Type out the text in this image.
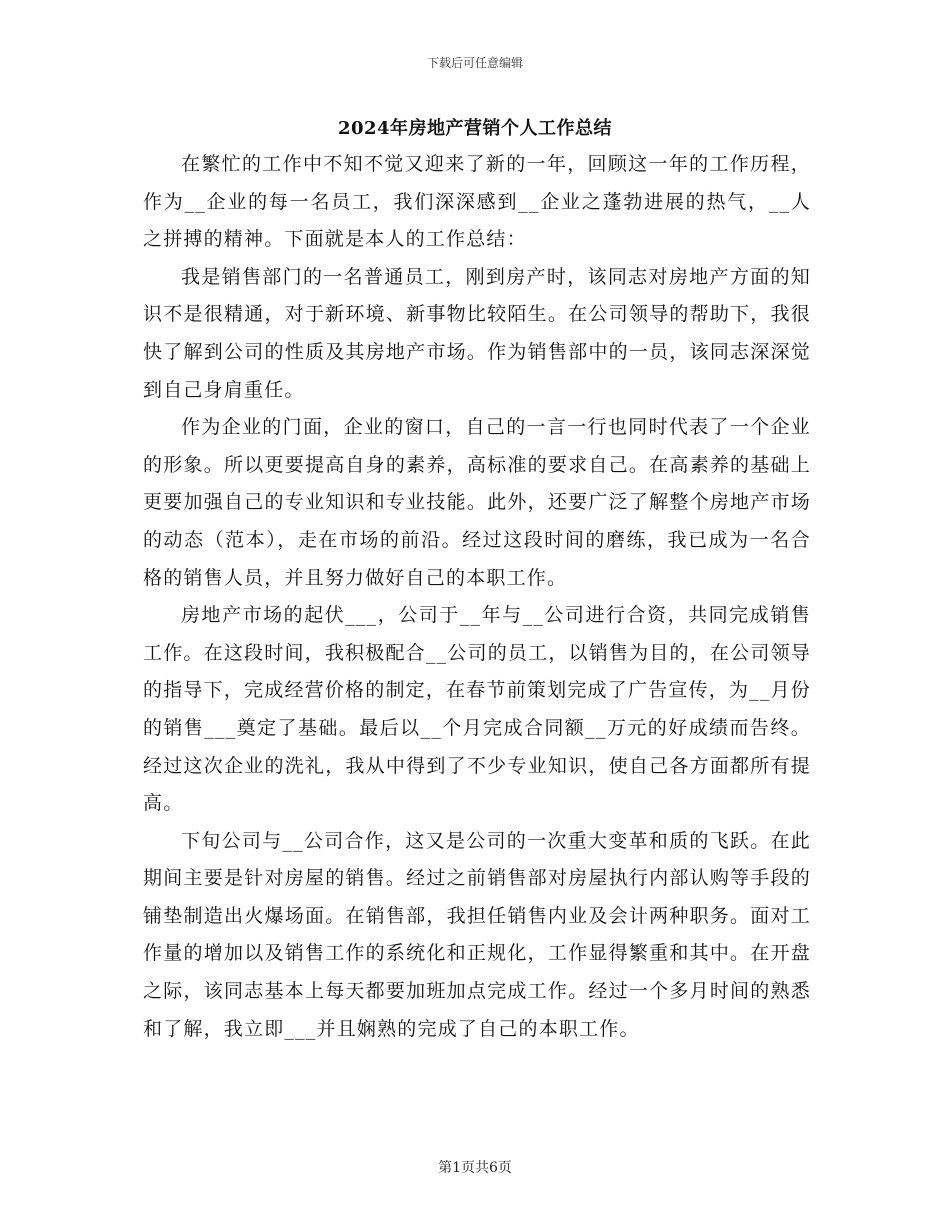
下载后可任意编辑
2024年房地产营销个人工作总结

在繁忙的工作中不知不觉又迎来了新的一年，回顾这一年的工作历程，作为__企业的每一名员工，我们深深感到__企业之蓬勃进展的热气，__人之拼搏的精神。下面就是本人的工作总结：

我是销售部门的一名普通员工，刚到房产时，该同志对房地产方面的知识不是很精通，对于新环境、新事物比较陌生。在公司领导的帮助下，我很快了解到公司的性质及其房地产市场。作为销售部中的一员，该同志深深觉到自己身肩重任。

作为企业的门面，企业的窗口，自己的一言一行也同时代表了一个企业的形象。所以更要提高自身的素养，高标准的要求自己。在高素养的基础上更要加强自己的专业知识和专业技能。此外，还要广泛了解整个房地产市场的动态（范本），走在市场的前沿。经过这段时间的磨练，我已成为一名合格的销售人员，并且努力做好自己的本职工作。

房地产市场的起伏___，公司于__年与__公司进行合资，共同完成销售工作。在这段时间，我积极配合__公司的员工，以销售为目的，在公司领导的指导下，完成经营价格的制定，在春节前策划完成了广告宣传，为__月份的销售___奠定了基础。最后以__个月完成合同额__万元的好成绩而告终。经过这次企业的洗礼，我从中得到了不少专业知识，使自己各方面都所有提高。

下旬公司与__公司合作，这又是公司的一次重大变革和质的飞跃。在此期间主要是针对房屋的销售。经过之前销售部对房屋执行内部认购等手段的铺垫制造出火爆场面。在销售部，我担任销售内业及会计两种职务。面对工作量的增加以及销售工作的系统化和正规化，工作显得繁重和其中。在开盘之际，该同志基本上每天都要加班加点完成工作。经过一个多月时间的熟悉和了解，我立即___并且娴熟的完成了自己的本职工作。

第1页共6页
